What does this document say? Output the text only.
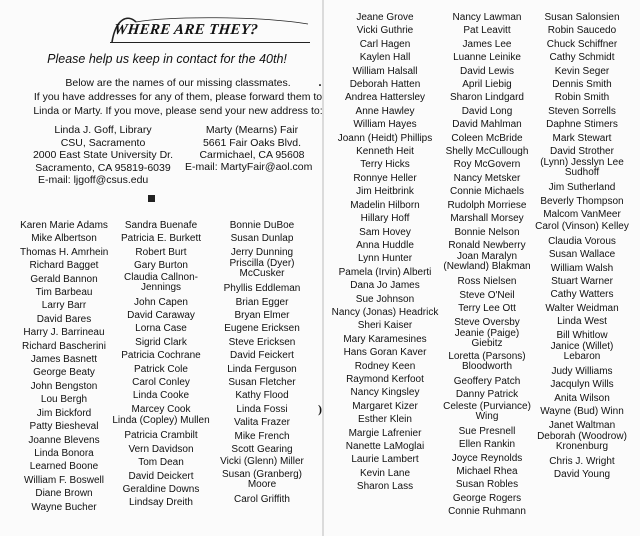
WHERE ARE THEY?
Please help us keep in contact for the 40th!
Below are the names of our missing classmates.
If you have addresses for any of them, please forward them to
Linda or Marty. If you move, please send your new address to:
Linda J. Goff, Library
CSU, Sacramento
2000 East State University Dr.
Sacramento, CA 95819-6039
E-mail: ljgoff@csus.edu
Marty (Mearns) Fair
5661 Fair Oaks Blvd.
Carmichael, CA 95608
E-mail: MartyFair@aol.com
·
)
Karen Marie Adams
Mike Albertson
Thomas H. Amrhein
Richard Bagget
Gerald Bannon
Tim Barbeau
Larry Barr
David Bares
Harry J. Barrineau
Richard Bascherini
James Basnett
George Beaty
John Bengston
Lou Bergh
Jim Bickford
Patty Biesheval
Joanne Blevens
Linda Bonora
Learned Boone
William F. Boswell
Diane Brown
Wayne Bucher
Sandra Buenafe
Patricia E. Burkett
Robert Burt
Gary Burton
Claudia Callnon-Jennings
John Capen
David Caraway
Lorna Case
Sigrid Clark
Patricia Cochrane
Patrick Cole
Carol Conley
Linda Cooke
Marcey Cook
Linda (Copley) Mullen
Patricia Crambilt
Vern Davidson
Tom Dean
David Deickert
Geraldine Downs
Lindsay Dreith
Bonnie DuBoe
Susan Dunlap
Jerry Dunning
Priscilla (Dyer) McCusker
Phyllis Eddleman
Brian Egger
Bryan Elmer
Eugene Ericksen
Steve Ericksen
David Feickert
Linda Ferguson
Susan Fletcher
Kathy Flood
Linda Fossi
Valita Frazer
Mike French
Scott Gearing
Vicki (Glenn) Miller
Susan (Granberg) Moore
Carol Griffith
Jeane Grove
Vicki Guthrie
Carl Hagen
Kaylen Hall
William Halsall
Deborah Hatten
Andrea Hattersley
Anne Hawley
William Hayes
Joann (Heidt) Phillips
Kenneth Heit
Terry Hicks
Ronnye Heller
Jim Heitbrink
Madelin Hilborn
Hillary Hoff
Sam Hovey
Anna Huddle
Lynn Hunter
Pamela (Irvin) Alberti
Dana Jo James
Sue Johnson
Nancy (Jonas) Headrick
Sheri Kaiser
Mary Karamesines
Hans Goran Kaver
Rodney Keen
Raymond Kerfoot
Nancy Kingsley
Margaret Kizer
Esther Klein
Margie Lafrenier
Nanette LaMoglai
Laurie Lambert
Kevin Lane
Sharon Lass
Nancy Lawman
Pat Leavitt
James Lee
Luanne Leinike
David Lewis
April Liebig
Sharon Lindgard
David Long
David Mahlman
Coleen McBride
Shelly McCullough
Roy McGovern
Nancy Metsker
Connie Michaels
Rudolph Morriese
Marshall Morsey
Bonnie Nelson
Ronald Newberry
Joan Maralyn (Newland) Blakman
Ross Nielsen
Steve O'Neil
Terry Lee Ott
Steve Oversby
Jeanie (Paige) Giebitz
Loretta (Parsons) Bloodworth
Geoffery Patch
Danny Patrick
Celeste (Purviance) Wing
Sue Presnell
Ellen Rankin
Joyce Reynolds
Michael Rhea
Susan Robles
George Rogers
Connie Ruhmann
Susan Salonsien
Robin Saucedo
Chuck Schiffner
Cathy Schmidt
Kevin Seger
Dennis Smith
Robin Smith
Steven Sorrells
Daphne Stimers
Mark Stewart
David Strother
(Lynn) Jesslyn Lee Sudhoff
Jim Sutherland
Beverly Thompson
Malcom VanMeer
Carol (Vinson) Kelley
Claudia Vorous
Susan Wallace
William Walsh
Stuart Warner
Cathy Watters
Walter Weidman
Linda West
Bill Whitlow
Janice (Willet) Lebaron
Judy Williams
Jacqulyn Wills
Anita Wilson
Wayne (Bud) Winn
Janet Waltman
Deborah (Woodrow) Kronenburg
Chris J. Wright
David Young
